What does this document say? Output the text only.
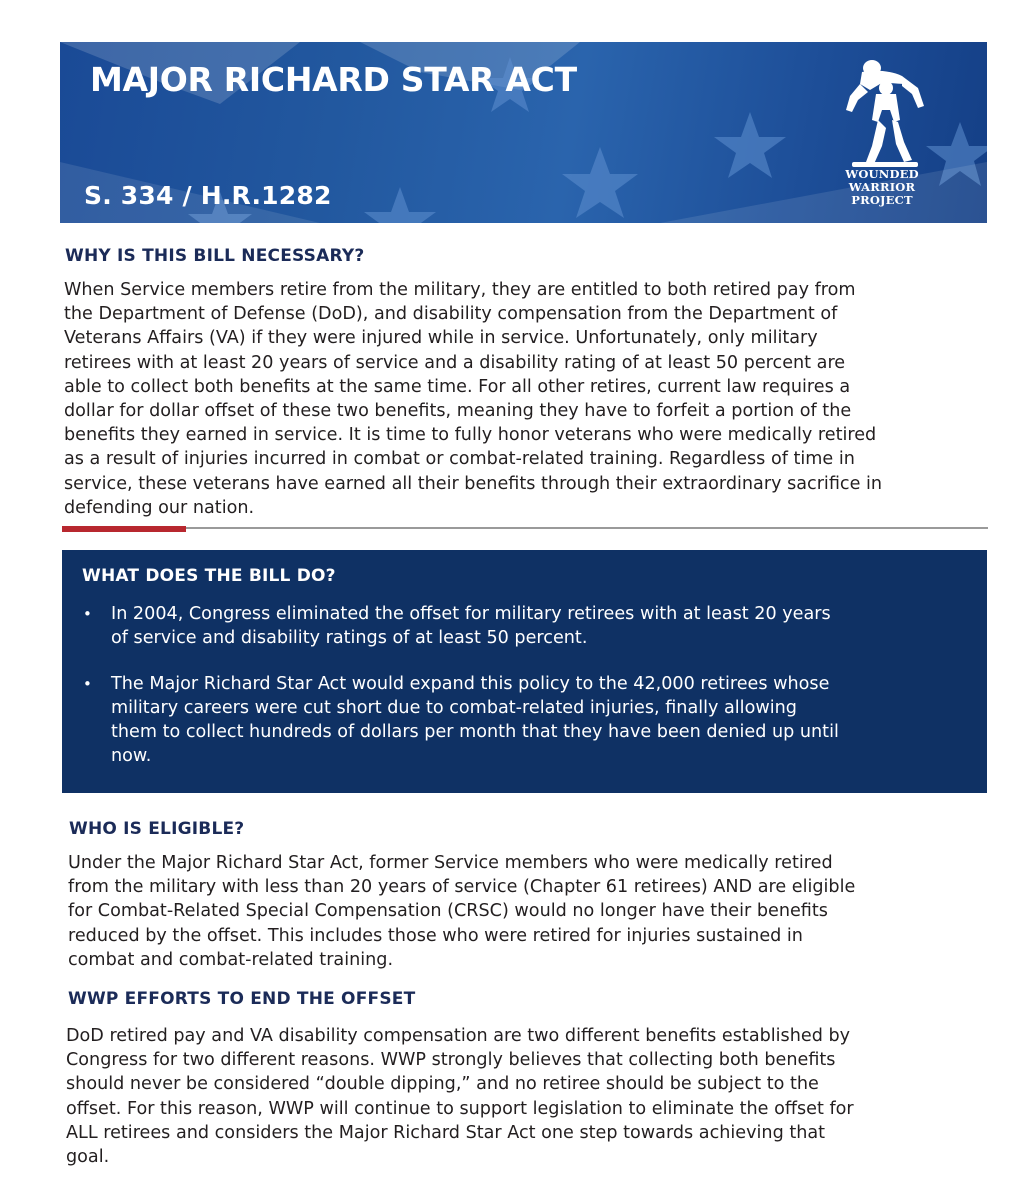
MAJOR RICHARD STAR ACT

S. 334 / H.R.1282

WOUNDED WARRIOR
PROJECT
WHY IS THIS BILL NECESSARY?
When Service members retire from the military, they are entitled to both retired pay from
the Department of Defense (DoD), and disability compensation from the Department of
Veterans Affairs (VA) if they were injured while in service. Unfortunately, only military
retirees with at least 20 years of service and a disability rating of at least 50 percent are
able to collect both benefits at the same time. For all other retires, current law requires a
dollar for dollar offset of these two benefits, meaning they have to forfeit a portion of the
benefits they earned in service. It is time to fully honor veterans who were medically retired
as a result of injuries incurred in combat or combat-related training. Regardless of time in
service, these veterans have earned all their benefits through their extraordinary sacrifice in
defending our nation.
WHAT DOES THE BILL DO?
• In 2004, Congress eliminated the offset for military retirees with at least 20 years
of service and disability ratings of at least 50 percent.
• The Major Richard Star Act would expand this policy to the 42,000 retirees whose
military careers were cut short due to combat-related injuries, finally allowing
them to collect hundreds of dollars per month that they have been denied up until
now.
WHO IS ELIGIBLE?
Under the Major Richard Star Act, former Service members who were medically retired
from the military with less than 20 years of service (Chapter 61 retirees) AND are eligible
for Combat-Related Special Compensation (CRSC) would no longer have their benefits
reduced by the offset. This includes those who were retired for injuries sustained in
combat and combat-related training.
WWP EFFORTS TO END THE OFFSET
DoD retired pay and VA disability compensation are two different benefits established by
Congress for two different reasons. WWP strongly believes that collecting both benefits
should never be considered “double dipping,” and no retiree should be subject to the
offset. For this reason, WWP will continue to support legislation to eliminate the offset for
ALL retirees and considers the Major Richard Star Act one step towards achieving that
goal.
